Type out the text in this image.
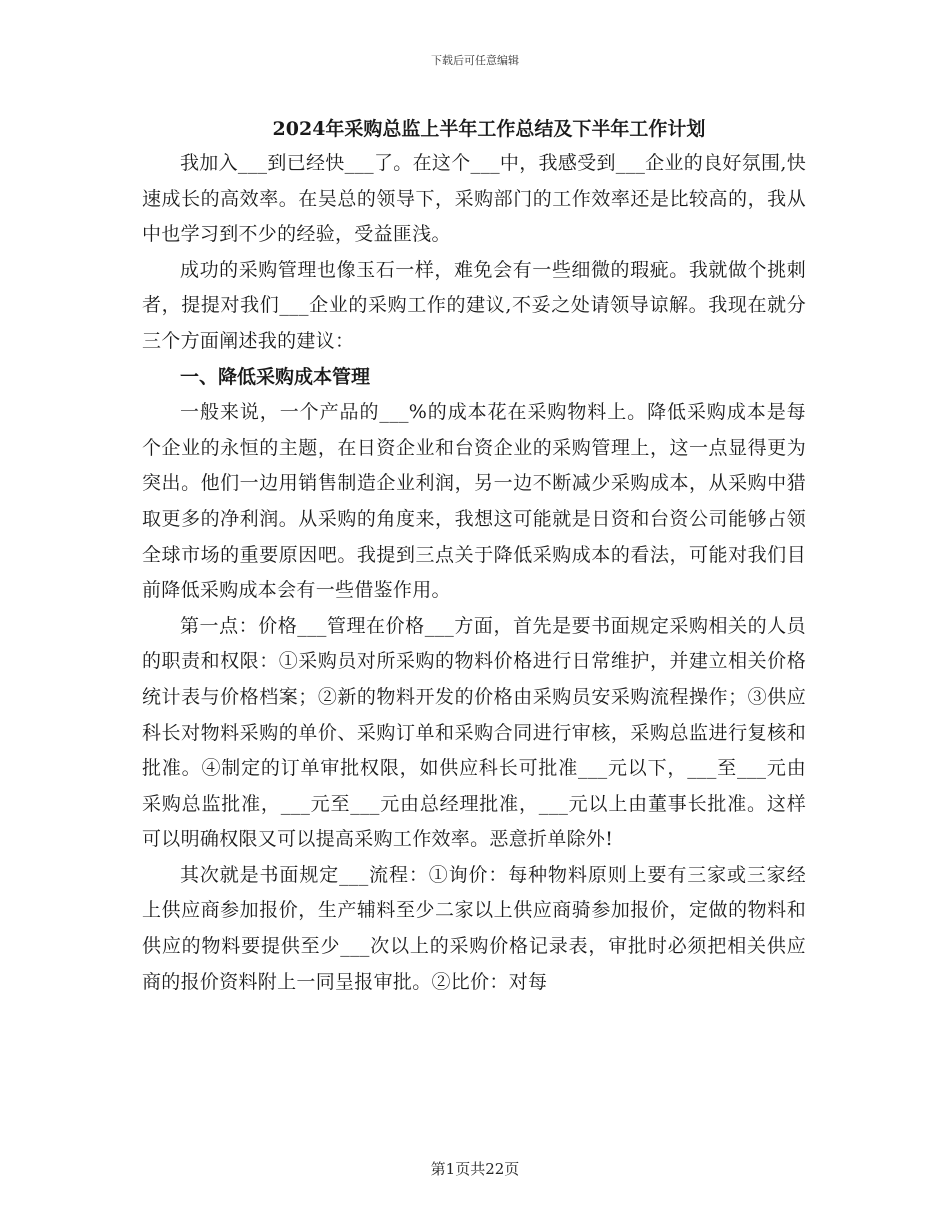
下载后可任意编辑
2024年采购总监上半年工作总结及下半年工作计划

我加入___到已经快___了。在这个___中，我感受到___企业的良好氛围,快速成长的高效率。在吴总的领导下，采购部门的工作效率还是比较高的，我从中也学习到不少的经验，受益匪浅。

成功的采购管理也像玉石一样，难免会有一些细微的瑕疵。我就做个挑刺者，提提对我们___企业的采购工作的建议,不妥之处请领导谅解。我现在就分三个方面阐述我的建议：

一、降低采购成本管理

一般来说，一个产品的___%的成本花在采购物料上。降低采购成本是每个企业的永恒的主题，在日资企业和台资企业的采购管理上，这一点显得更为突出。他们一边用销售制造企业利润，另一边不断减少采购成本，从采购中猎取更多的净利润。从采购的角度来，我想这可能就是日资和台资公司能够占领全球市场的重要原因吧。我提到三点关于降低采购成本的看法，可能对我们目前降低采购成本会有一些借鉴作用。

第一点：价格___管理在价格___方面，首先是要书面规定采购相关的人员的职责和权限：①采购员对所采购的物料价格进行日常维护，并建立相关价格统计表与价格档案；②新的物料开发的价格由采购员安采购流程操作；③供应科长对物料采购的单价、采购订单和采购合同进行审核，采购总监进行复核和批准。④制定的订单审批权限，如供应科长可批准___元以下，___至___元由采购总监批准，___元至___元由总经理批准，___元以上由董事长批准。这样可以明确权限又可以提高采购工作效率。恶意折单除外!

其次就是书面规定___流程：①询价：每种物料原则上要有三家或三家经上供应商参加报价，生产辅料至少二家以上供应商骑参加报价，定做的物料和供应的物料要提供至少___次以上的采购价格记录表，审批时必须把相关供应商的报价资料附上一同呈报审批。②比价：对每

第1页共22页
